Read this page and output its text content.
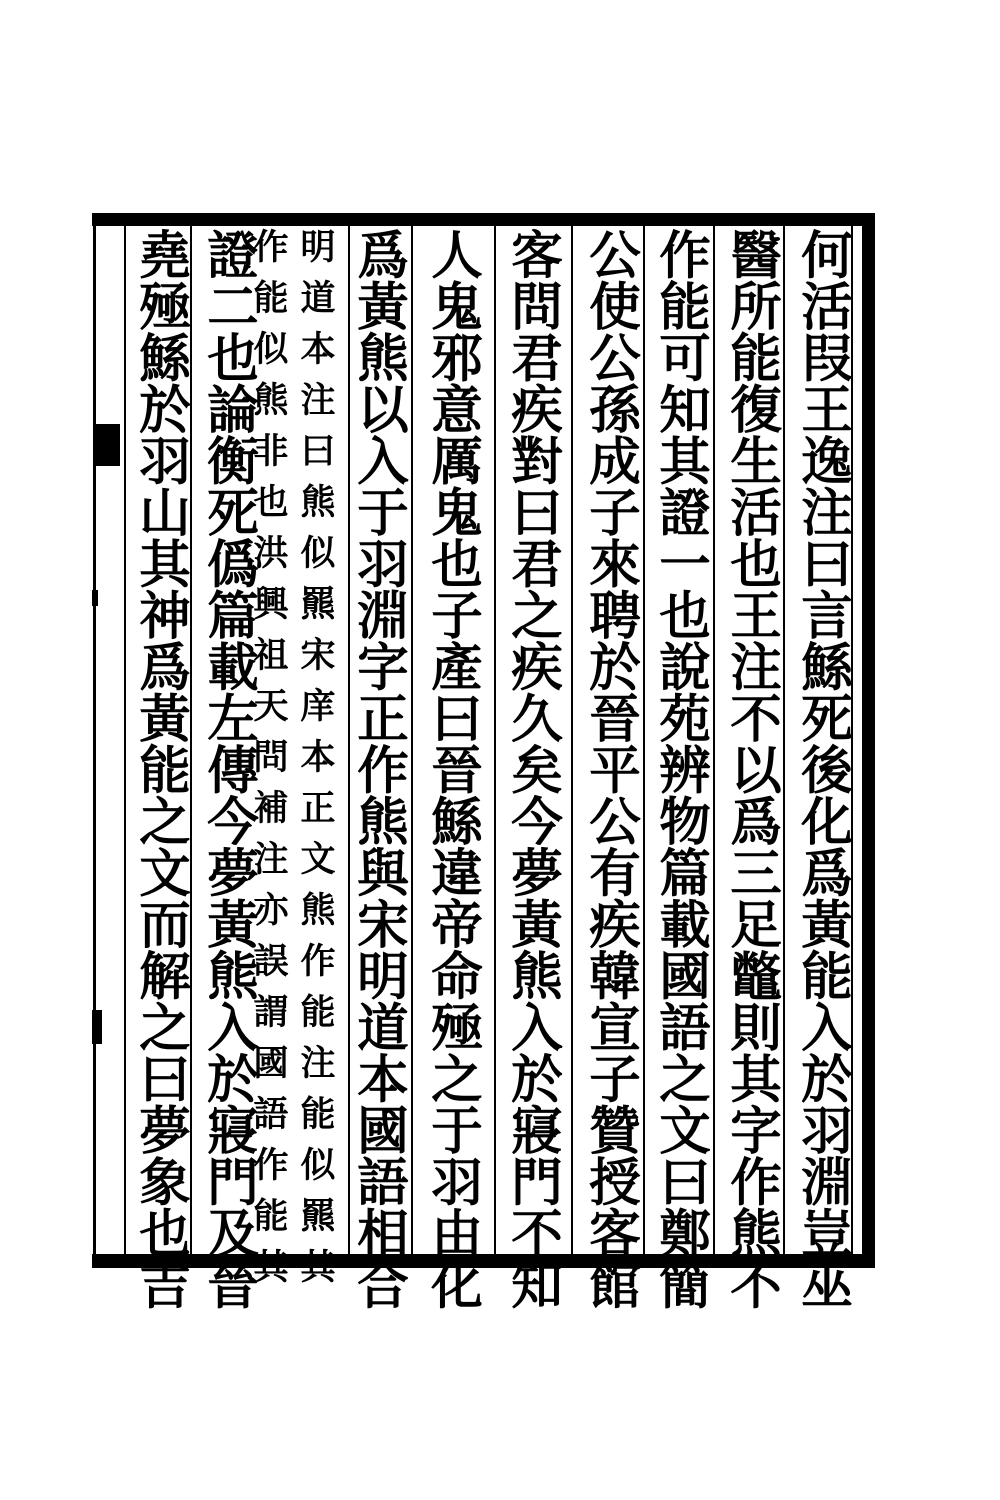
何活叚王逸注曰言鯀死後化爲黃能入於羽淵豈巫

醫所能復生活也王注不以爲三足鼈則其字作熊不

作能可知其證一也說苑辨物篇載國語之文曰鄭簡

公使公孫成子來聘於晉平公有疾韓宣子贊授客館

客問君疾對曰君之疾久矣今夢黃熊入於寢門不知

人鬼邪意厲鬼也子產曰晉鯀違帝命殛之于羽由化

爲黃熊以入于羽淵字正作熊與宋明道本國語相合

明道本注曰熊似羆宋庠本正文熊作能注能似羆其

作能似熊非也洪興祖天問補注亦誤謂國語作能其

證二也論衡死僞篇載左傳今夢黃熊入於寢門及晉

堯殛鯀於羽山其神爲黃能之文而解之曰夢象也吉
